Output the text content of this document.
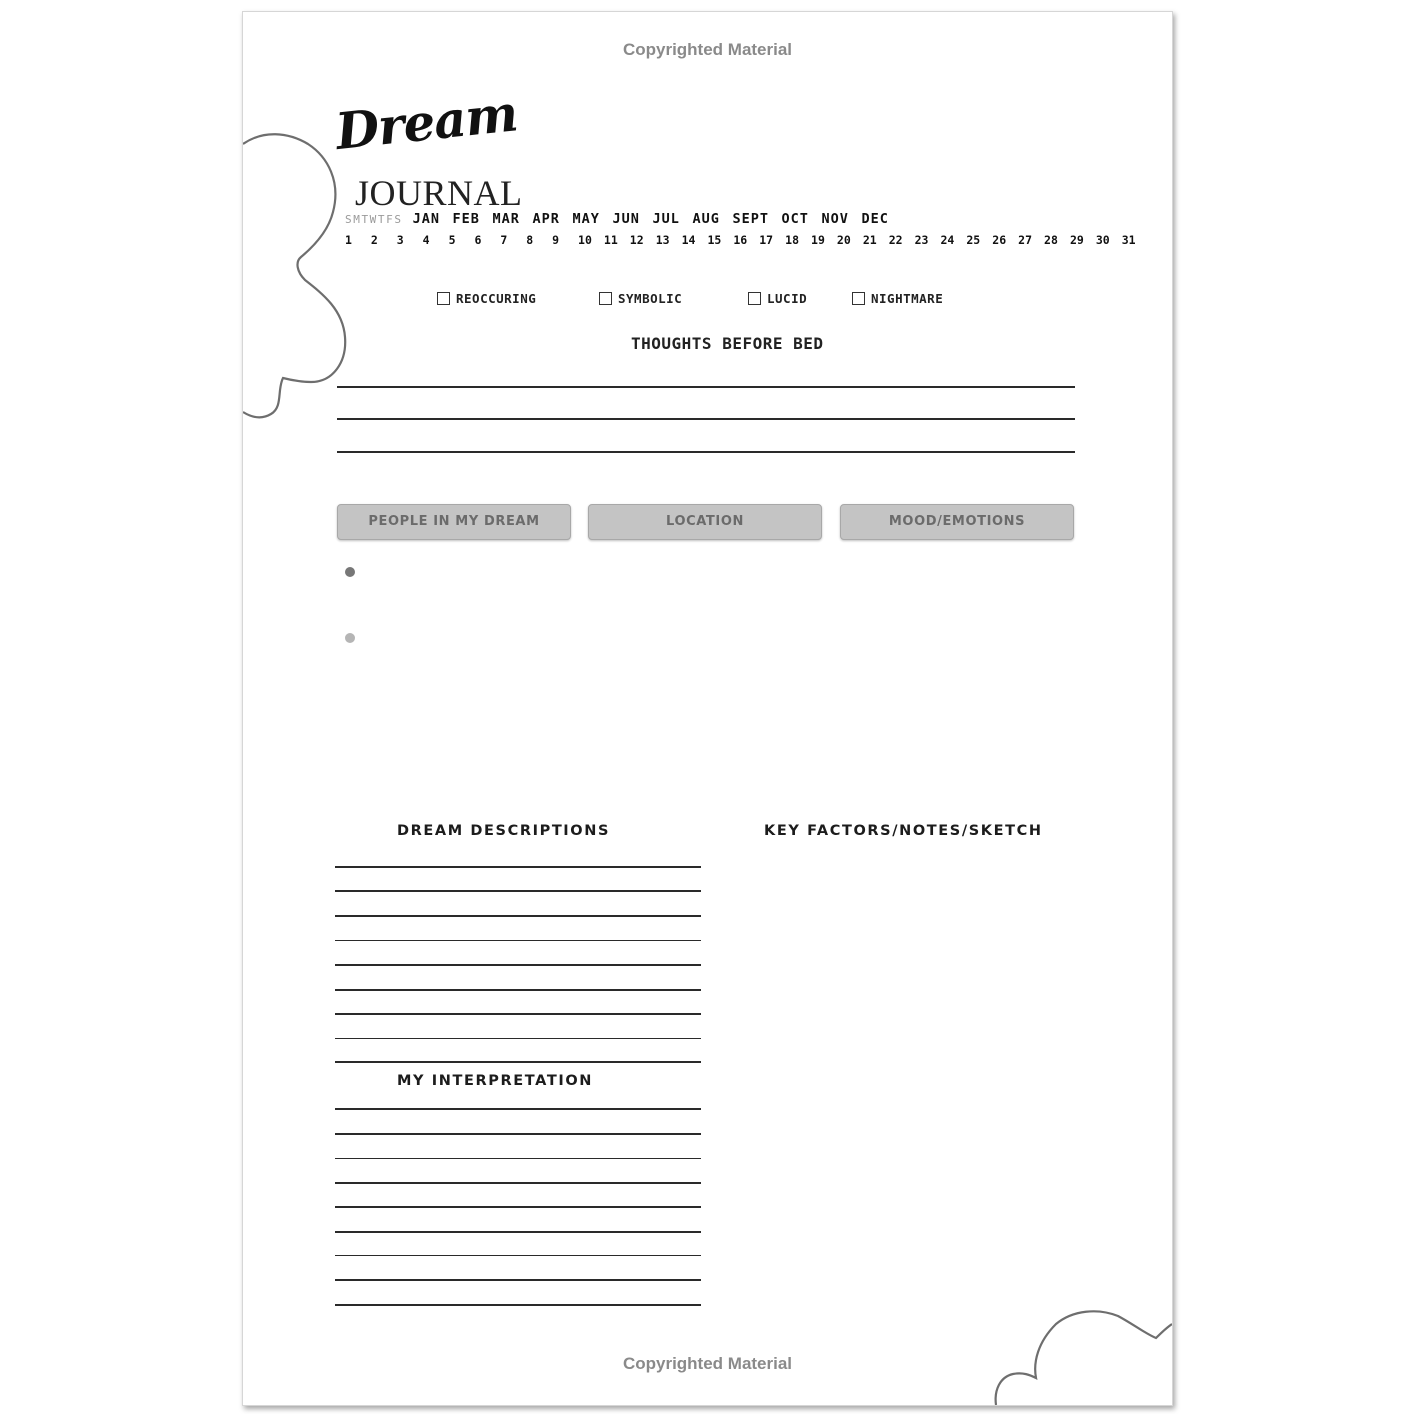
Copyrighted Material
Dream
JOURNAL
SMTWTFS JAN FEB MAR APR MAY JUN JUL AUG SEPT OCT NOV DEC
1	2	3	4	5	6	7	8	9	10	11	12	13	14	15	16	17	18	19	20	21	22	23	24	25	26	27	28	29	30	31
REOCCURING	SYMBOLIC	LUCID	NIGHTMARE
THOUGHTS BEFORE BED
PEOPLE IN MY DREAM	LOCATION	MOOD/EMOTIONS
DREAM DESCRIPTIONS	KEY FACTORS/NOTES/SKETCH
MY INTERPRETATION
Copyrighted Material
